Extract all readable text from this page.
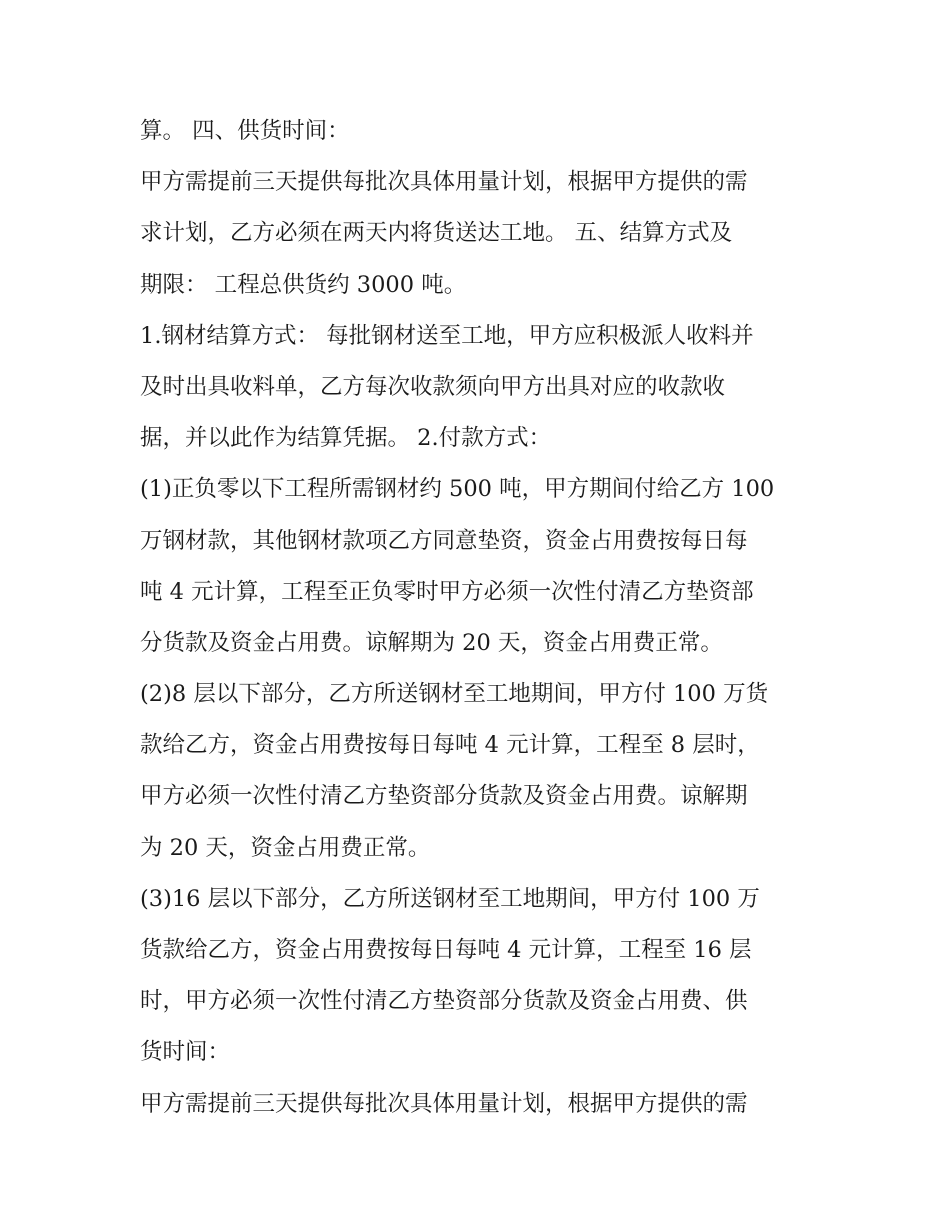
算。 四、供货时间：
甲方需提前三天提供每批次具体用量计划，根据甲方提供的需
求计划，乙方必须在两天内将货送达工地。 五、结算方式及
期限： 工程总供货约 3000 吨。
1.钢材结算方式： 每批钢材送至工地，甲方应积极派人收料并
及时出具收料单，乙方每次收款须向甲方出具对应的收款收
据，并以此作为结算凭据。 2.付款方式：
(1)正负零以下工程所需钢材约 500 吨，甲方期间付给乙方 100
万钢材款，其他钢材款项乙方同意垫资，资金占用费按每日每
吨 4 元计算，工程至正负零时甲方必须一次性付清乙方垫资部
分货款及资金占用费。谅解期为 20 天，资金占用费正常。
(2)8 层以下部分，乙方所送钢材至工地期间，甲方付 100 万货
款给乙方，资金占用费按每日每吨 4 元计算，工程至 8 层时，
甲方必须一次性付清乙方垫资部分货款及资金占用费。谅解期
为 20 天，资金占用费正常。
(3)16 层以下部分，乙方所送钢材至工地期间，甲方付 100 万
货款给乙方，资金占用费按每日每吨 4 元计算，工程至 16 层
时，甲方必须一次性付清乙方垫资部分货款及资金占用费、供
货时间：
甲方需提前三天提供每批次具体用量计划，根据甲方提供的需
